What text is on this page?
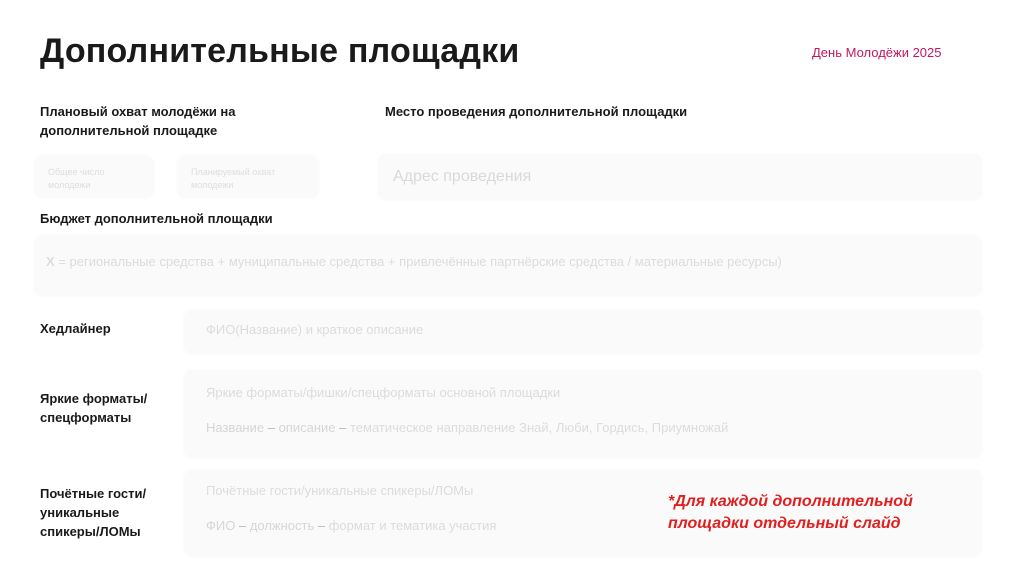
Дополнительные площадки	День Молодёжи 2025
Плановый охват молодёжи на дополнительной площадке
Общее число молодежи
Планируемый охват молодежи
Место проведения дополнительной площадки
Адрес проведения
Бюджет дополнительной площадки
Х = региональные средства + муниципальные средства + привлечённые партнёрские средства / материальные ресурсы)
Хедлайнер	ФИО(Название) и краткое описание
Яркие форматы/ спецформаты
Яркие форматы/фишки/спецформаты основной площадки
Название – описание – тематическое направление Знай, Люби, Гордись, Приумножай
Почётные гости/ уникальные спикеры/ЛОМы
Почётные гости/уникальные спикеры/ЛОМы
ФИО – должность – формат и тематика участия
*Для каждой дополнительной площадки отдельный слайд
